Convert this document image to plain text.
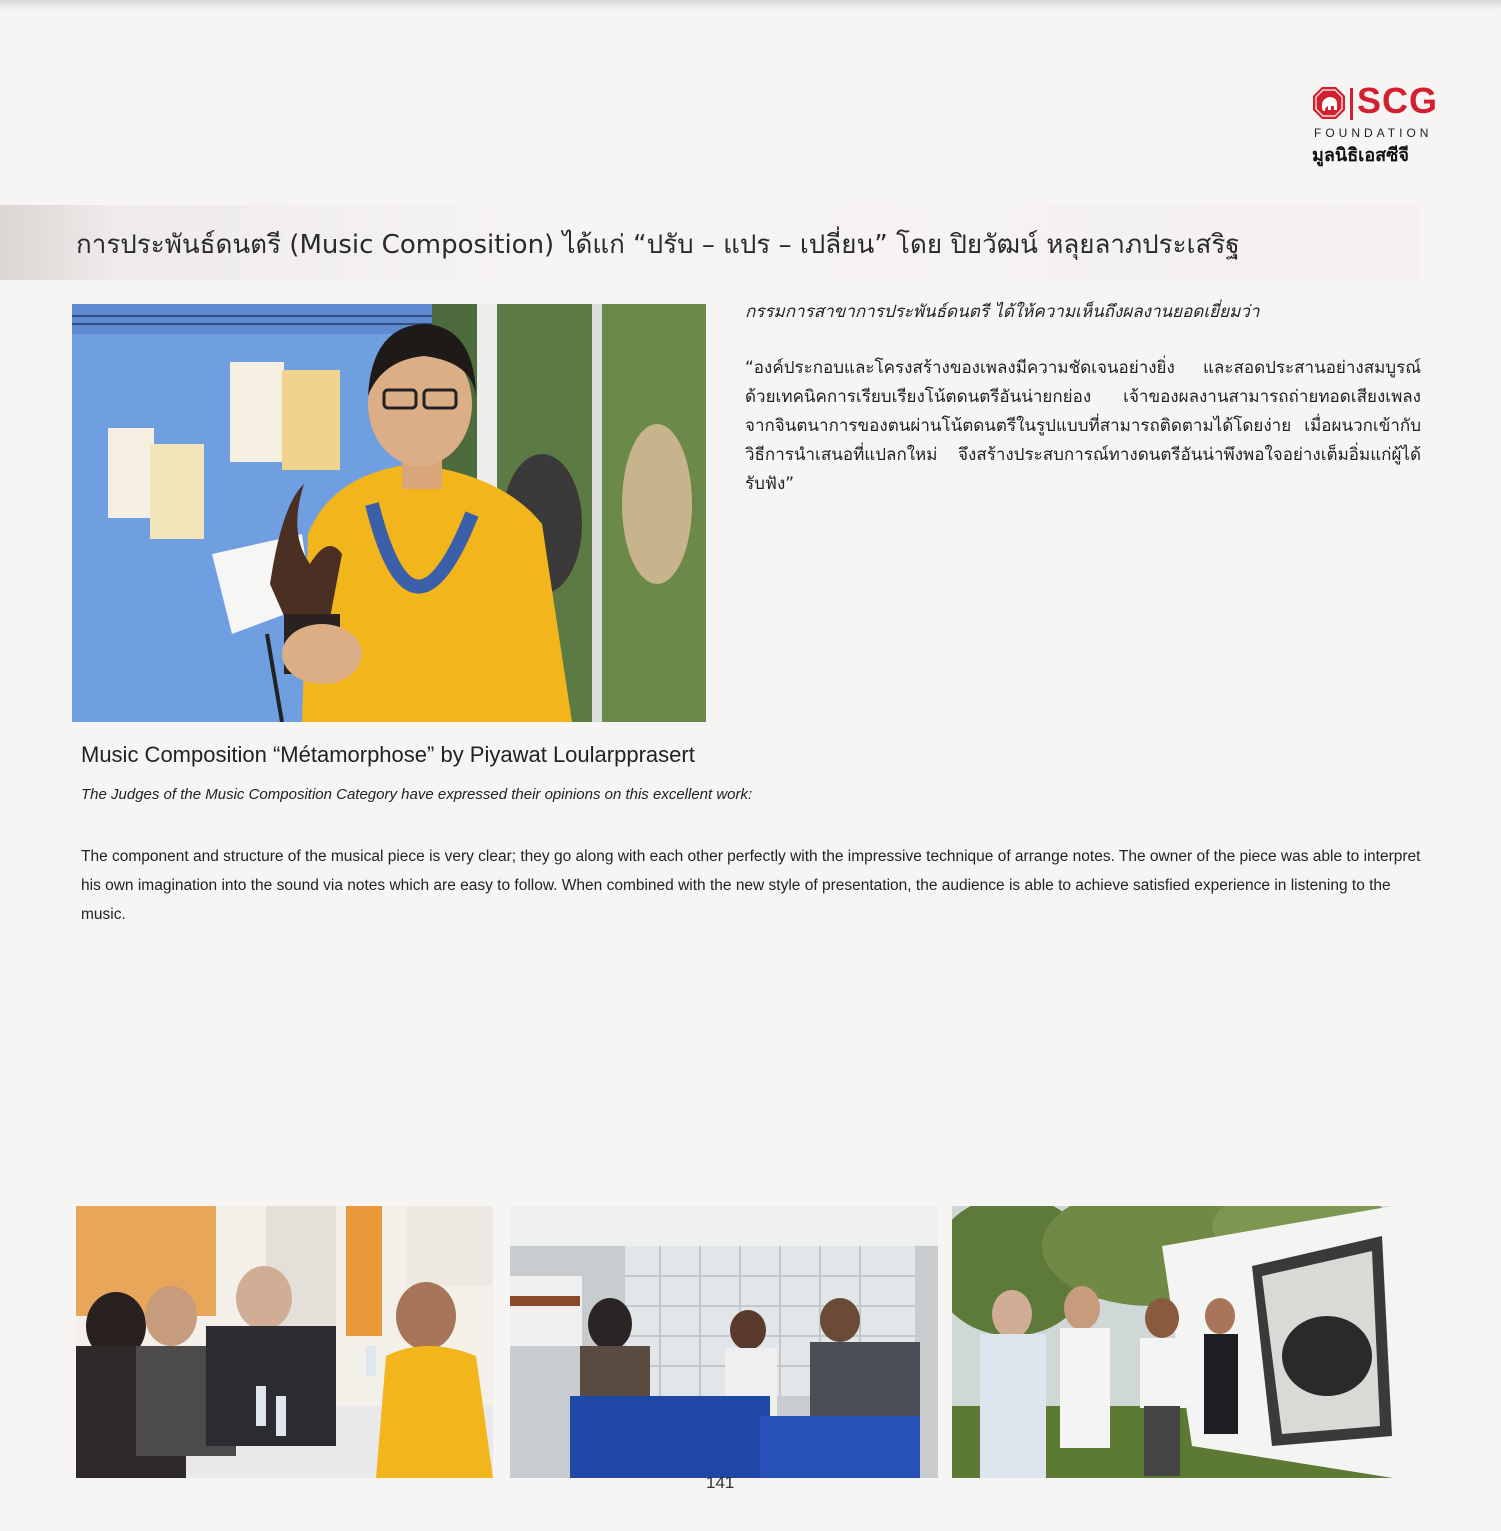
SCG
FOUNDATION
มูลนิธิเอสซีจี
การประพันธ์ดนตรี (Music Composition) ได้แก่ “ปรับ – แปร – เปลี่ยน” โดย ปิยวัฒน์ หลุยลาภประเสริฐ
กรรมการสาขาการประพันธ์ดนตรี ได้ให้ความเห็นถึงผลงานยอดเยี่ยมว่า
“องค์ประกอบและโครงสร้างของเพลงมีความชัดเจนอย่างยิ่ง และสอดประสานอย่างสมบูรณ์ด้วยเทคนิคการเรียบเรียงโน้ตดนตรีอันน่ายกย่อง เจ้าของผลงานสามารถถ่ายทอดเสียงเพลงจากจินตนาการของตนผ่านโน้ตดนตรีในรูปแบบที่สามารถติดตามได้โดยง่าย เมื่อผนวกเข้ากับวิธีการนำเสนอที่แปลกใหม่ จึงสร้างประสบการณ์ทางดนตรีอันน่าพึงพอใจอย่างเต็มอิ่มแก่ผู้ได้รับฟัง”
Music Composition “Métamorphose” by Piyawat Loularpprasert
The Judges of the Music Composition Category have expressed their opinions on this excellent work:
The component and structure of the musical piece is very clear; they go along with each other perfectly with the impressive technique of arrange notes. The owner of the piece was able to interpret his own imagination into the sound via notes which are easy to follow. When combined with the new style of presentation, the audience is able to achieve satisfied experience in listening to the music.
141
